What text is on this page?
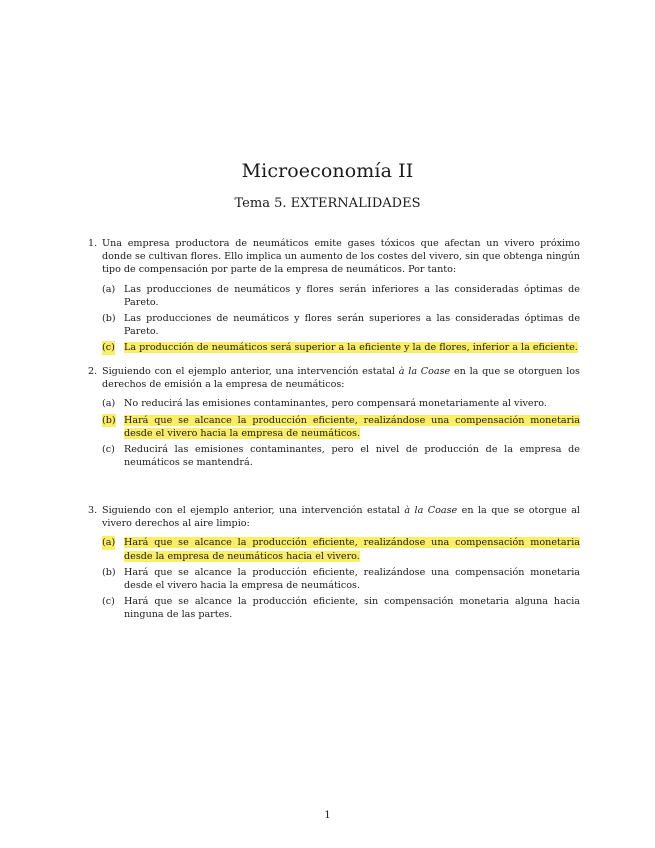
Microeconomía II
Tema 5. EXTERNALIDADES
1. Una empresa productora de neumáticos emite gases tóxicos que afectan un vivero próximo donde se cultivan flores. Ello implica un aumento de los costes del vivero, sin que obtenga ningún tipo de compensación por parte de la empresa de neumáticos. Por tanto:
(a) Las producciones de neumáticos y flores serán inferiores a las consideradas óptimas de Pareto.
(b) Las producciones de neumáticos y flores serán superiores a las consideradas óptimas de Pareto.
(c) La producción de neumáticos será superior a la eficiente y la de flores, inferior a la eficiente.
2. Siguiendo con el ejemplo anterior, una intervención estatal à la Coase en la que se otorguen los derechos de emisión a la empresa de neumáticos:
(a) No reducirá las emisiones contaminantes, pero compensará monetariamente al vivero.
(b) Hará que se alcance la producción eficiente, realizándose una compensación monetaria desde el vivero hacia la empresa de neumáticos.
(c) Reducirá las emisiones contaminantes, pero el nivel de producción de la empresa de neumáticos se mantendrá.
3. Siguiendo con el ejemplo anterior, una intervención estatal à la Coase en la que se otorgue al vivero derechos al aire limpio:
(a) Hará que se alcance la producción eficiente, realizándose una compensación monetaria desde la empresa de neumáticos hacia el vivero.
(b) Hará que se alcance la producción eficiente, realizándose una compensación monetaria desde el vivero hacia la empresa de neumáticos.
(c) Hará que se alcance la producción eficiente, sin compensación monetaria alguna hacia ninguna de las partes.
1
